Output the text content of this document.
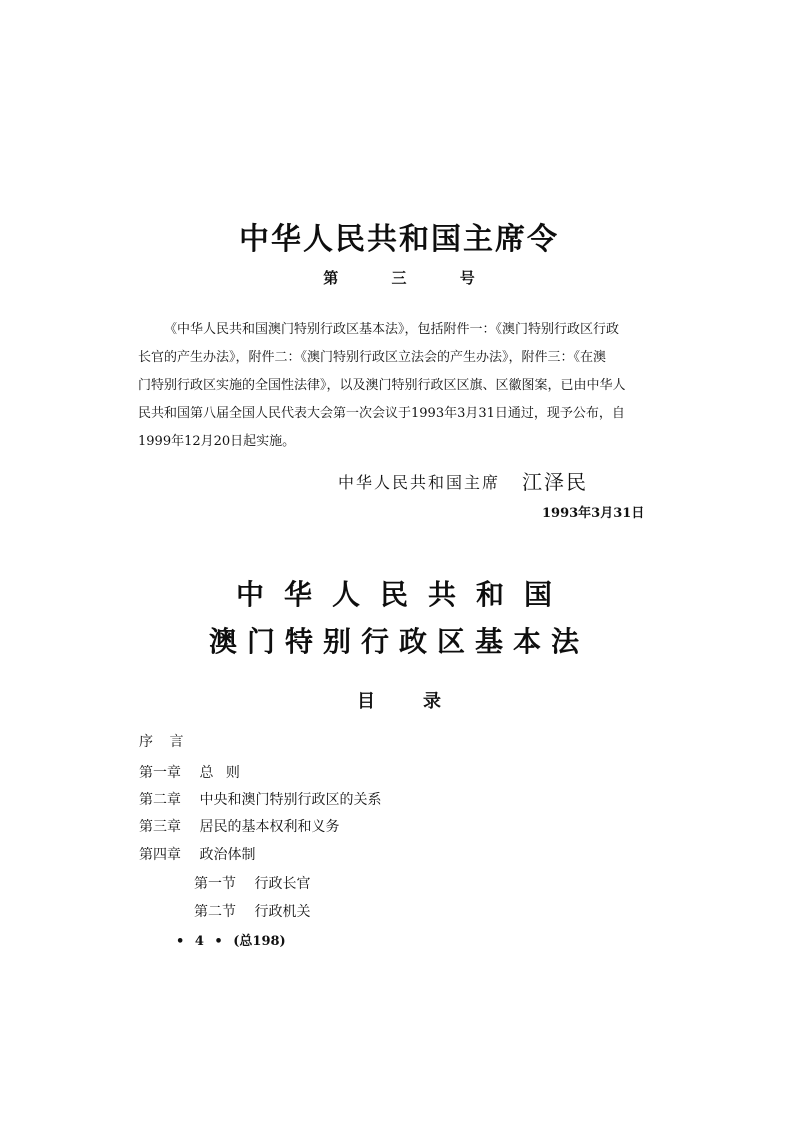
中华人民共和国主席令
第 三 号
《中华人民共和国澳门特别行政区基本法》，包括附件一：《澳门特别行政区行政
长官的产生办法》，附件二：《澳门特别行政区立法会的产生办法》，附件三：《在澳
门特别行政区实施的全国性法律》，以及澳门特别行政区区旗、区徽图案，已由中华人
民共和国第八届全国人民代表大会第一次会议于1993年3月31日通过，现予公布，自
1999年12月20日起实施。
中华人民共和国主席 江泽民
1993年3月31日
中华人民共和国
澳门特别行政区基本法
目录
序 言
第一章 总 则
第二章 中央和澳门特别行政区的关系
第三章 居民的基本权利和义务
第四章 政治体制
第一节 行政长官
第二节 行政机关
• 4 • (总198)
